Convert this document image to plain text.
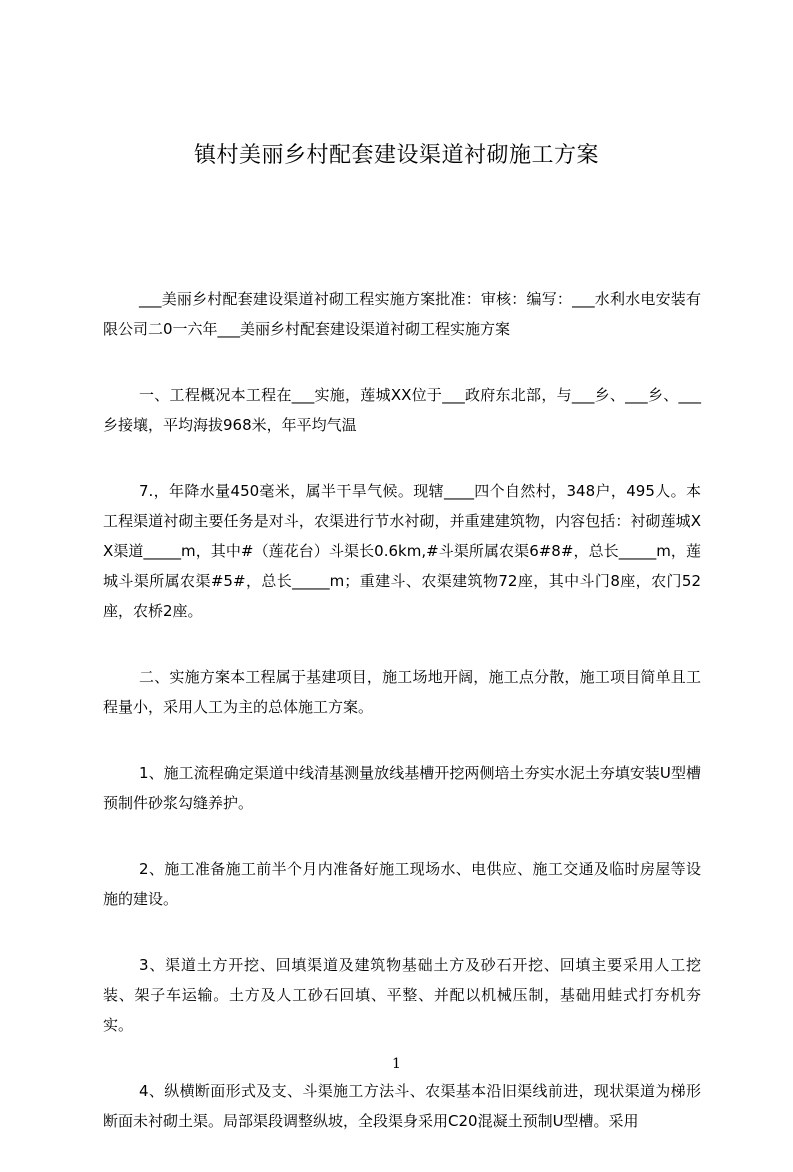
镇村美丽乡村配套建设渠道衬砌施工方案

___美丽乡村配套建设渠道衬砌工程实施方案批准：审核：编写：___水利水电安装有限公司二0一六年___美丽乡村配套建设渠道衬砌工程实施方案

一、工程概况本工程在___实施，莲城XX位于___政府东北部，与___乡、___乡、___乡接壤，平均海拔968米，年平均气温

7.，年降水量450毫米，属半干旱气候。现辖____四个自然村，348户，495人。本工程渠道衬砌主要任务是对斗，农渠进行节水衬砌，并重建建筑物，内容包括：衬砌莲城XX渠道_____m，其中#（莲花台）斗渠长0.6km,#斗渠所属农渠6#8#，总长_____m，莲城斗渠所属农渠#5#，总长_____m；重建斗、农渠建筑物72座，其中斗门8座，农门52座，农桥2座。

二、实施方案本工程属于基建项目，施工场地开阔，施工点分散，施工项目简单且工程量小，采用人工为主的总体施工方案。

1、施工流程确定渠道中线清基测量放线基槽开挖两侧培土夯实水泥土夯填安装U型槽预制件砂浆勾缝养护。

2、施工准备施工前半个月内准备好施工现场水、电供应、施工交通及临时房屋等设施的建设。

3、渠道土方开挖、回填渠道及建筑物基础土方及砂石开挖、回填主要采用人工挖装、架子车运输。土方及人工砂石回填、平整、并配以机械压制，基础用蛙式打夯机夯实。

4、纵横断面形式及支、斗渠施工方法斗、农渠基本沿旧渠线前进，现状渠道为梯形断面未衬砌土渠。局部渠段调整纵坡，全段渠身采用C20混凝土预制U型槽。采用

1
